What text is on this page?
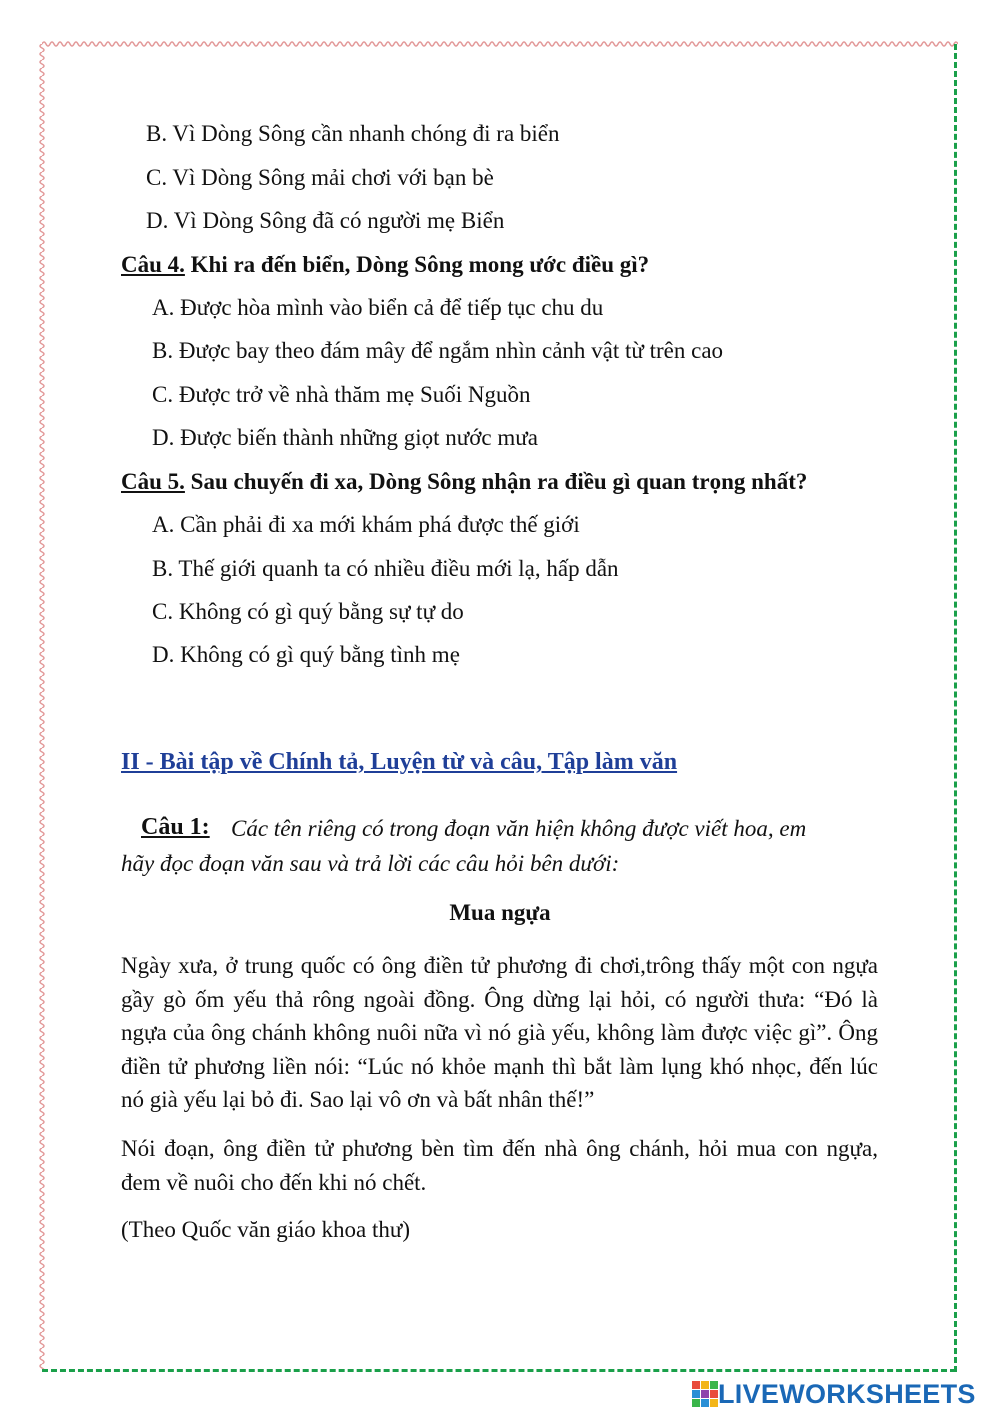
B. Vì Dòng Sông cần nhanh chóng đi ra biển
C. Vì Dòng Sông mải chơi với bạn bè
D. Vì Dòng Sông đã có người mẹ Biển
Câu 4. Khi ra đến biển, Dòng Sông mong ước điều gì?
A. Được hòa mình vào biển cả để tiếp tục chu du
B. Được bay theo đám mây để ngắm nhìn cảnh vật từ trên cao
C. Được trở về nhà thăm mẹ Suối Nguồn
D. Được biến thành những giọt nước mưa
Câu 5. Sau chuyến đi xa, Dòng Sông nhận ra điều gì quan trọng nhất?
A. Cần phải đi xa mới khám phá được thế giới
B. Thế giới quanh ta có nhiều điều mới lạ, hấp dẫn
C. Không có gì quý bằng sự tự do
D. Không có gì quý bằng tình mẹ
II - Bài tập về Chính tả, Luyện từ và câu, Tập làm văn
Câu 1: Các tên riêng có trong đoạn văn hiện không được viết hoa, em
hãy đọc đoạn văn sau và trả lời các câu hỏi bên dưới:
Mua ngựa
Ngày xưa, ở trung quốc có ông điền tử phương đi chơi,trông thấy một con ngựa gầy gò ốm yếu thả rông ngoài đồng. Ông dừng lại hỏi, có người thưa: “Đó là ngựa của ông chánh không nuôi nữa vì nó già yếu, không làm được việc gì”. Ông điền tử phương liền nói: “Lúc nó khỏe mạnh thì bắt làm lụng khó nhọc, đến lúc nó già yếu lại bỏ đi. Sao lại vô ơn và bất nhân thế!”
Nói đoạn, ông điền tử phương bèn tìm đến nhà ông chánh, hỏi mua con ngựa, đem về nuôi cho đến khi nó chết.
(Theo Quốc văn giáo khoa thư)
LIVEWORKSHEETS
